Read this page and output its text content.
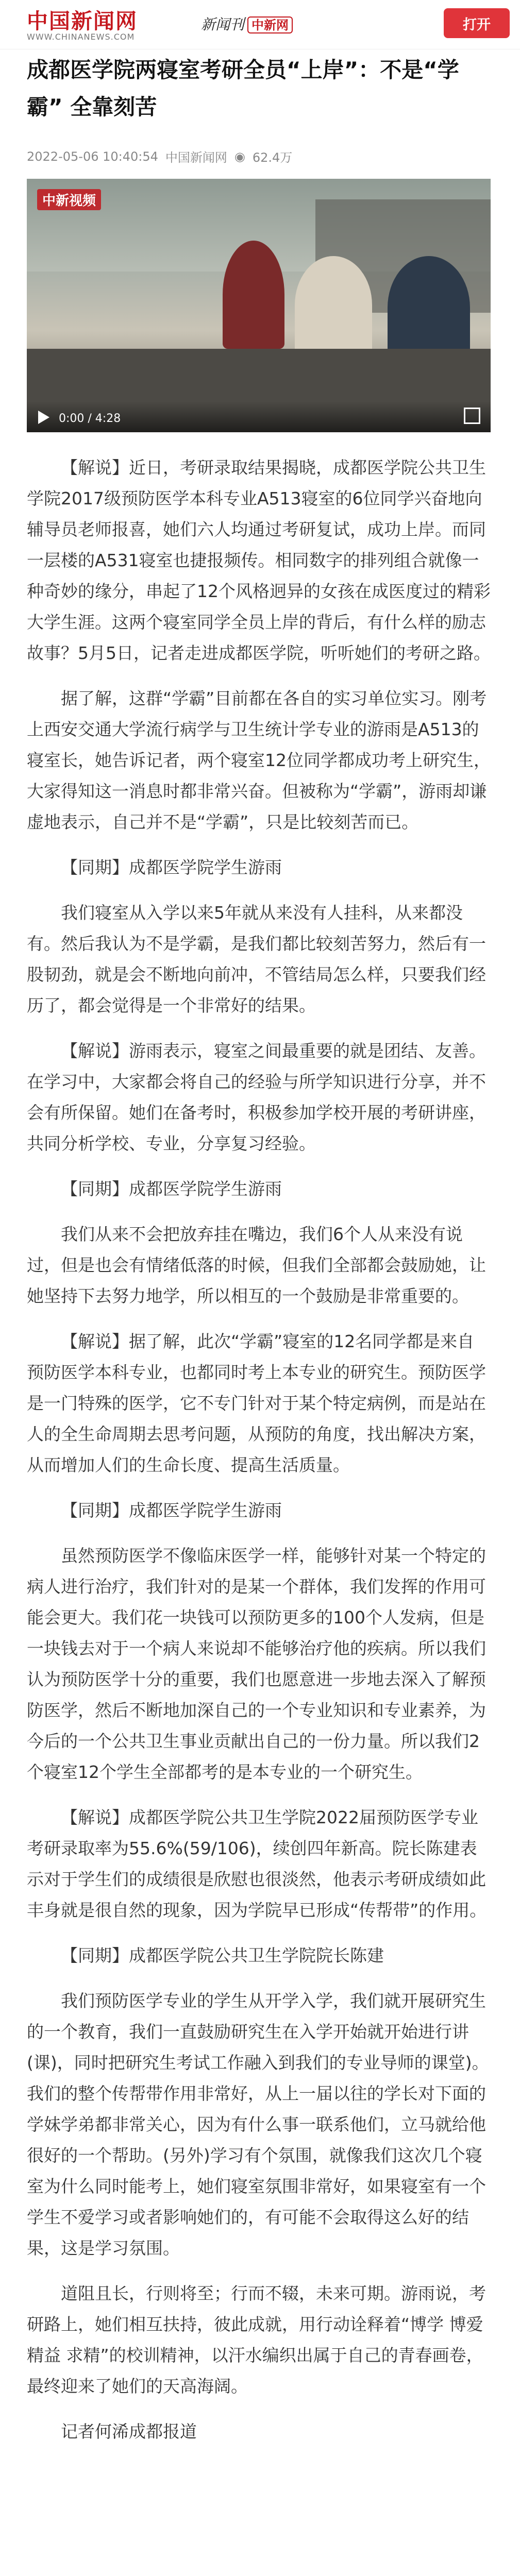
中国新闻网
WWW.CHINANEWS.COM
新闻刊 中新网	打开
成都医学院两寝室考研全员“上岸”：不是“学霸” 全靠刻苦
2022-05-06 10:40:54 中国新闻网 ◉ 62.4万
中新视频
0:00 / 4:28

【解说】近日，考研录取结果揭晓，成都医学院公共卫生学院2017级预防医学本科专业A513寝室的6位同学兴奋地向辅导员老师报喜，她们六人均通过考研复试，成功上岸。而同一层楼的A531寝室也捷报频传。相同数字的排列组合就像一种奇妙的缘分，串起了12个风格迥异的女孩在成医度过的精彩大学生涯。这两个寝室同学全员上岸的背后，有什么样的励志故事？5月5日，记者走进成都医学院，听听她们的考研之路。

据了解，这群“学霸”目前都在各自的实习单位实习。刚考上西安交通大学流行病学与卫生统计学专业的游雨是A513的寝室长，她告诉记者，两个寝室12位同学都成功考上研究生，大家得知这一消息时都非常兴奋。但被称为“学霸”，游雨却谦虚地表示，自己并不是“学霸”，只是比较刻苦而已。

【同期】成都医学院学生游雨

我们寝室从入学以来5年就从来没有人挂科，从来都没有。然后我认为不是学霸，是我们都比较刻苦努力，然后有一股韧劲，就是会不断地向前冲，不管结局怎么样，只要我们经历了，都会觉得是一个非常好的结果。

【解说】游雨表示，寝室之间最重要的就是团结、友善。在学习中，大家都会将自己的经验与所学知识进行分享，并不会有所保留。她们在备考时，积极参加学校开展的考研讲座，共同分析学校、专业，分享复习经验。

【同期】成都医学院学生游雨

我们从来不会把放弃挂在嘴边，我们6个人从来没有说过，但是也会有情绪低落的时候，但我们全部都会鼓励她，让她坚持下去努力地学，所以相互的一个鼓励是非常重要的。

【解说】据了解，此次“学霸”寝室的12名同学都是来自预防医学本科专业，也都同时考上本专业的研究生。预防医学是一门特殊的医学，它不专门针对于某个特定病例，而是站在人的全生命周期去思考问题，从预防的角度，找出解决方案，从而增加人们的生命长度、提高生活质量。

【同期】成都医学院学生游雨

虽然预防医学不像临床医学一样，能够针对某一个特定的病人进行治疗，我们针对的是某一个群体，我们发挥的作用可能会更大。我们花一块钱可以预防更多的100个人发病，但是一块钱去对于一个病人来说却不能够治疗他的疾病。所以我们认为预防医学十分的重要，我们也愿意进一步地去深入了解预防医学，然后不断地加深自己的一个专业知识和专业素养，为今后的一个公共卫生事业贡献出自己的一份力量。所以我们2个寝室12个学生全部都考的是本专业的一个研究生。

【解说】成都医学院公共卫生学院2022届预防医学专业考研录取率为55.6%(59/106)，续创四年新高。院长陈建表示对于学生们的成绩很是欣慰也很淡然，他表示考研成绩如此丰身就是很自然的现象，因为学院早已形成“传帮带”的作用。

【同期】成都医学院公共卫生学院院长陈建

我们预防医学专业的学生从开学入学，我们就开展研究生的一个教育，我们一直鼓励研究生在入学开始就开始进行讲(课)，同时把研究生考试工作融入到我们的专业导师的课堂)。我们的整个传帮带作用非常好，从上一届以往的学长对下面的学妹学弟都非常关心，因为有什么事一联系他们，立马就给他很好的一个帮助。(另外)学习有个氛围，就像我们这次几个寝室为什么同时能考上，她们寝室氛围非常好，如果寝室有一个学生不爱学习或者影响她们的，有可能不会取得这么好的结果，这是学习氛围。

道阻且长，行则将至；行而不辍，未来可期。游雨说，考研路上，她们相互扶持，彼此成就，用行动诠释着“博学 博爱 精益 求精”的校训精神，以汗水编织出属于自己的青春画卷，最终迎来了她们的天高海阔。

记者何浠成都报道
